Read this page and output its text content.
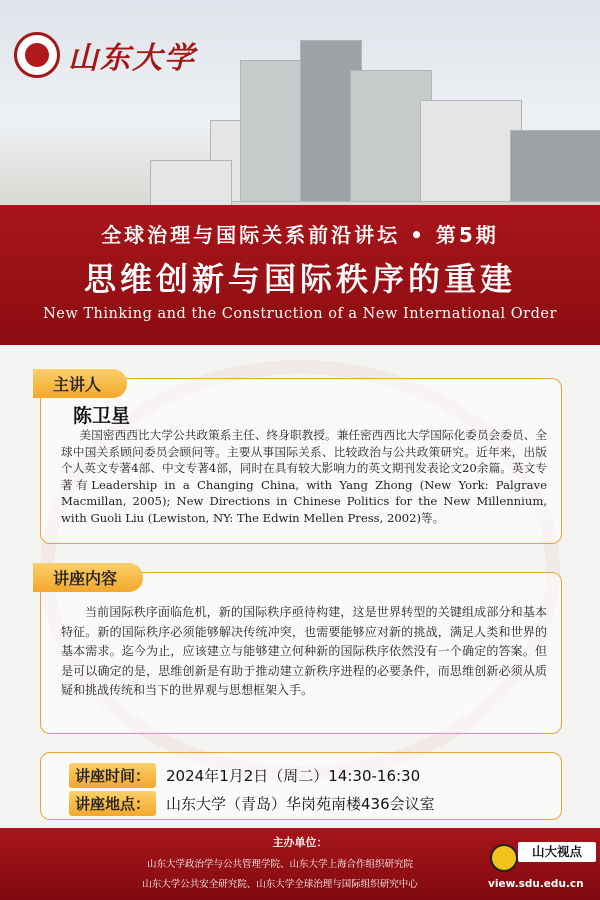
山东大学
全球治理与国际关系前沿讲坛 • 第5期
思维创新与国际秩序的重建
New Thinking and the Construction of a New International Order
主讲人
陈卫星
美国密西西比大学公共政策系主任、终身职教授。兼任密西西比大学国际化委员会委员、全球中国关系顾问委员会顾问等。主要从事国际关系、比较政治与公共政策研究。近年来，出版个人英文专著4部、中文专著4部，同时在具有较大影响力的英文期刊发表论文20余篇。英文专著有Leadership in a Changing China, with Yang Zhong (New York: Palgrave Macmillan, 2005); New Directions in Chinese Politics for the New Millennium, with Guoli Liu (Lewiston, NY: The Edwin Mellen Press, 2002)等。
讲座内容
当前国际秩序面临危机，新的国际秩序亟待构建，这是世界转型的关键组成部分和基本特征。新的国际秩序必须能够解决传统冲突，也需要能够应对新的挑战，满足人类和世界的基本需求。迄今为止，应该建立与能够建立何种新的国际秩序依然没有一个确定的答案。但是可以确定的是，思维创新是有助于推动建立新秩序进程的必要条件，而思维创新必须从质疑和挑战传统和当下的世界观与思想框架入手。
讲座时间：	2024年1月2日（周二）14:30-16:30
讲座地点：	山东大学（青岛）华岗苑南楼436会议室
主办单位：
山东大学政治学与公共管理学院、山东大学上海合作组织研究院
山东大学公共安全研究院、山东大学全球治理与国际组织研究中心
山大视点
view.sdu.edu.cn
